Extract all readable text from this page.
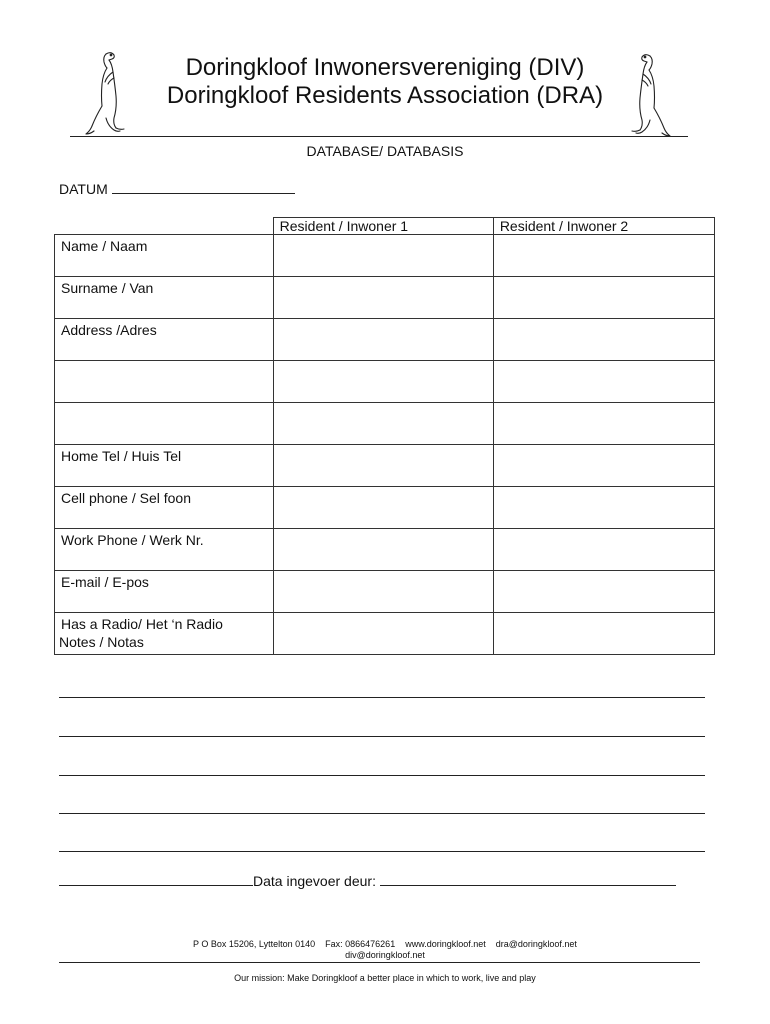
Doringkloof Inwonersvereniging (DIV)
Doringkloof Residents Association (DRA)
DATABASE/ DATABASIS
DATUM
	Resident / Inwoner 1	Resident / Inwoner 2
Name / Naam		
Surname / Van		
Address /Adres		

Home Tel / Huis Tel		
Cell phone / Sel foon		
Work Phone / Werk Nr.		
E-mail / E-pos		
Has a Radio/ Het ‘n Radio		
Notes / Notas
Data ingevoer deur:
P O Box 15206, Lyttelton 0140    Fax: 0866476261    www.doringkloof.net    dra@doringkloof.net
div@doringkloof.net
Our mission: Make Doringkloof a better place in which to work, live and play
